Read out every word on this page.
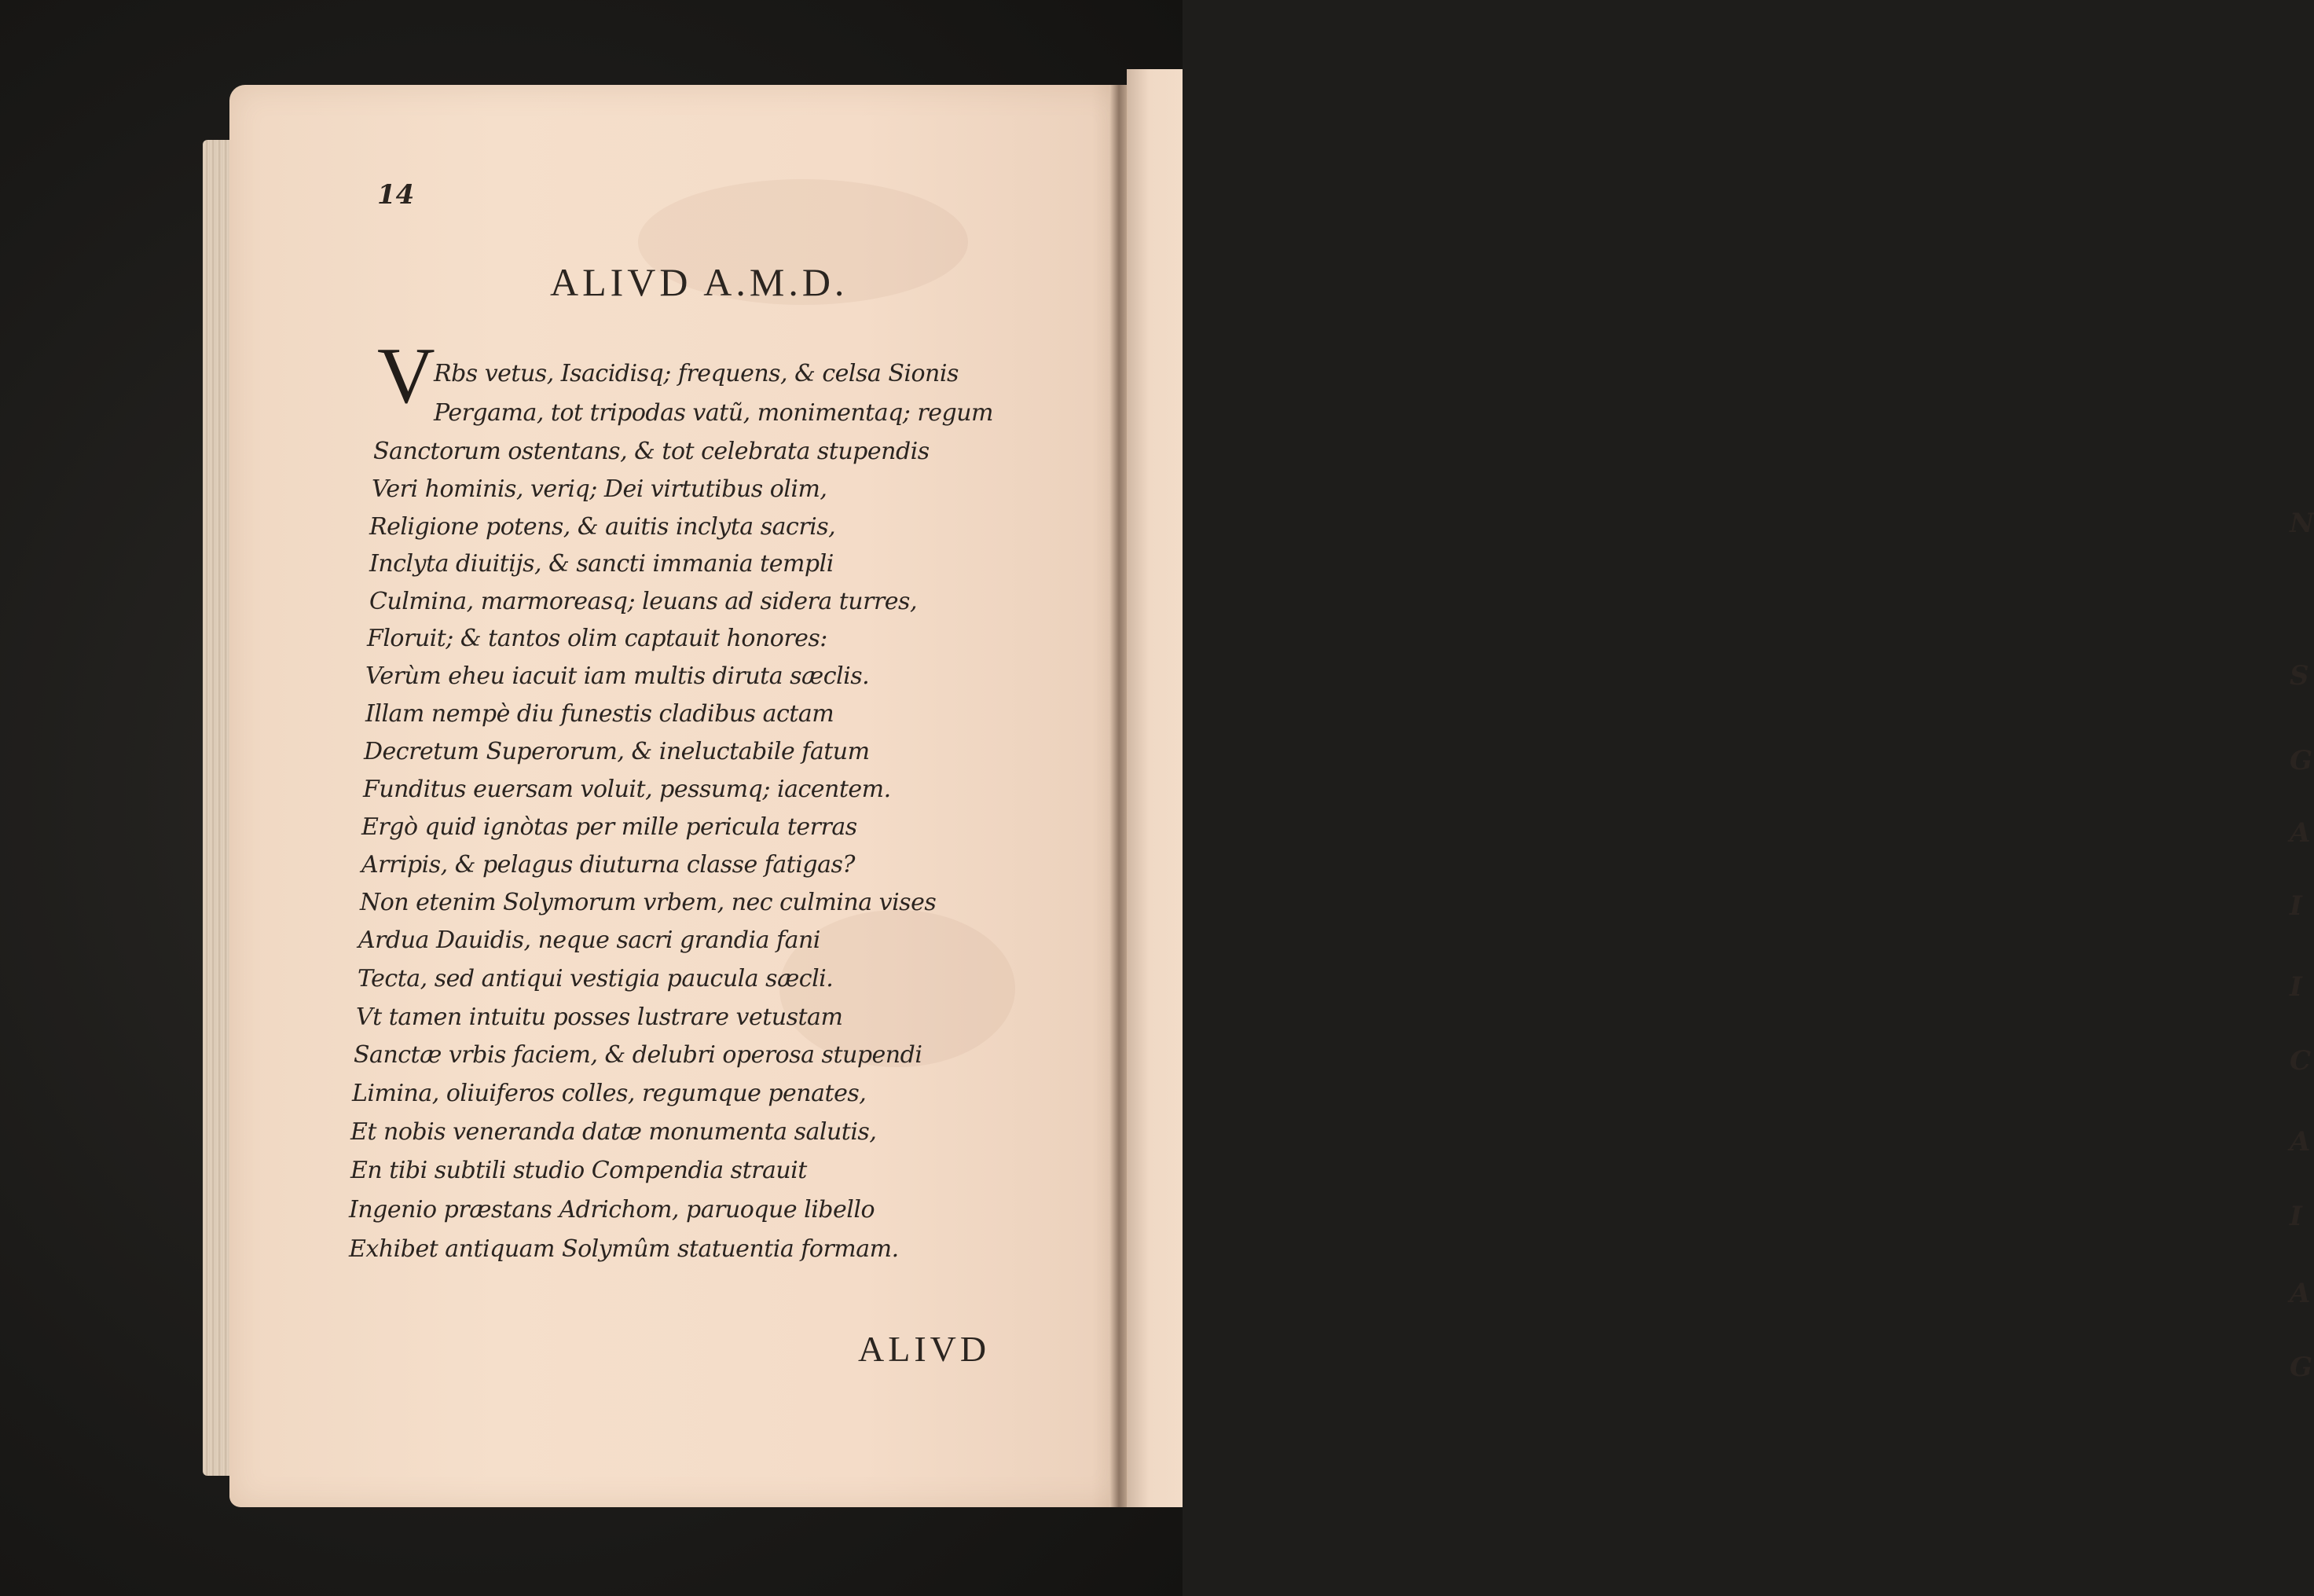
N
S
G
A
I
I
C
A
I
A
G
14
ALIVD A.M.D.
V
Rbs vetus, Isacidisq; frequens, & celsa Sionis
Pergama, tot tripodas vatũ, monimentaq; regum
Sanctorum ostentans, & tot celebrata stupendis
Veri hominis, veriq; Dei virtutibus olim,
Religione potens, & auitis inclyta sacris,
Inclyta diuitijs, & sancti immania templi
Culmina, marmoreasq; leuans ad sidera turres,
Floruit; & tantos olim captauit honores:
Verùm eheu iacuit iam multis diruta sæclis.
Illam nempè diu funestis cladibus actam
Decretum Superorum, & ineluctabile fatum
Funditus euersam voluit, pessumq; iacentem.
Ergò quid ignòtas per mille pericula terras
Arripis, & pelagus diuturna classe fatigas?
Non etenim Solymorum vrbem, nec culmina vises
Ardua Dauidis, neque sacri grandia fani
Tecta, sed antiqui vestigia paucula sæcli.
Vt tamen intuitu posses lustrare vetustam
Sanctæ vrbis faciem, & delubri operosa stupendi
Limina, oliuiferos colles, regumque penates,
Et nobis veneranda datæ monumenta salutis,
En tibi subtili studio Compendia strauit
Ingenio præstans Adrichom, paruoque libello
Exhibet antiquam Solymûm statuentia formam.
ALIVD
